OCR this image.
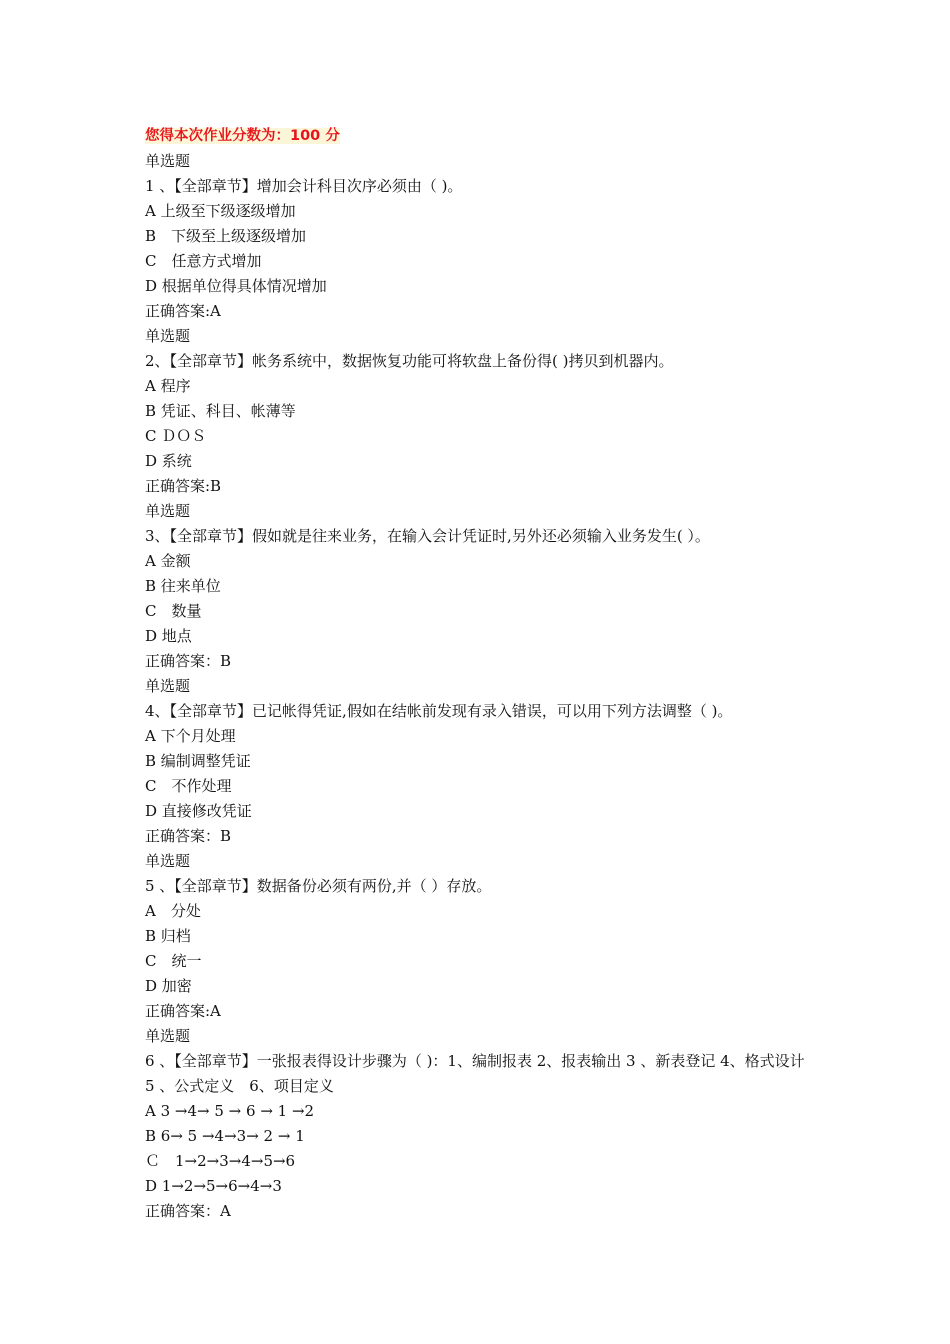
您得本次作业分数为：100 分
单选题
1 、【全部章节】增加会计科目次序必须由（ )。
A 上级至下级逐级增加
B　下级至上级逐级增加
C　任意方式增加
D 根据单位得具体情况增加
正确答案:A
单选题
2、【全部章节】帐务系统中，数据恢复功能可将软盘上备份得( )拷贝到机器内。
A 程序
B 凭证、科目、帐薄等
C ＤＯＳ
D 系统
正确答案:B
单选题
3、【全部章节】假如就是往来业务，在输入会计凭证时,另外还必须输入业务发生( ）。
A 金额
B 往来单位
C　数量
D 地点
正确答案：B
单选题
4、【全部章节】已记帐得凭证,假如在结帐前发现有录入错误，可以用下列方法调整（ )。
A 下个月处理
B 编制调整凭证
C　不作处理
D 直接修改凭证
正确答案：B
单选题
5 、【全部章节】数据备份必须有两份,并（ ）存放。
A　分处
B 归档
C　统一
D 加密
正确答案:A
单选题
6 、【全部章节】一张报表得设计步骤为（ )：1、编制报表 2、报表输出 3 、新表登记 4、格式设计　 5 、公式定义　6、项目定义
A 3 →4→ 5 → 6 → 1 →2
B 6→ 5 →4→3→ 2 → 1
Ｃ　1→2→3→4→5→6
D 1→2→5→6→4→3
正确答案：A
